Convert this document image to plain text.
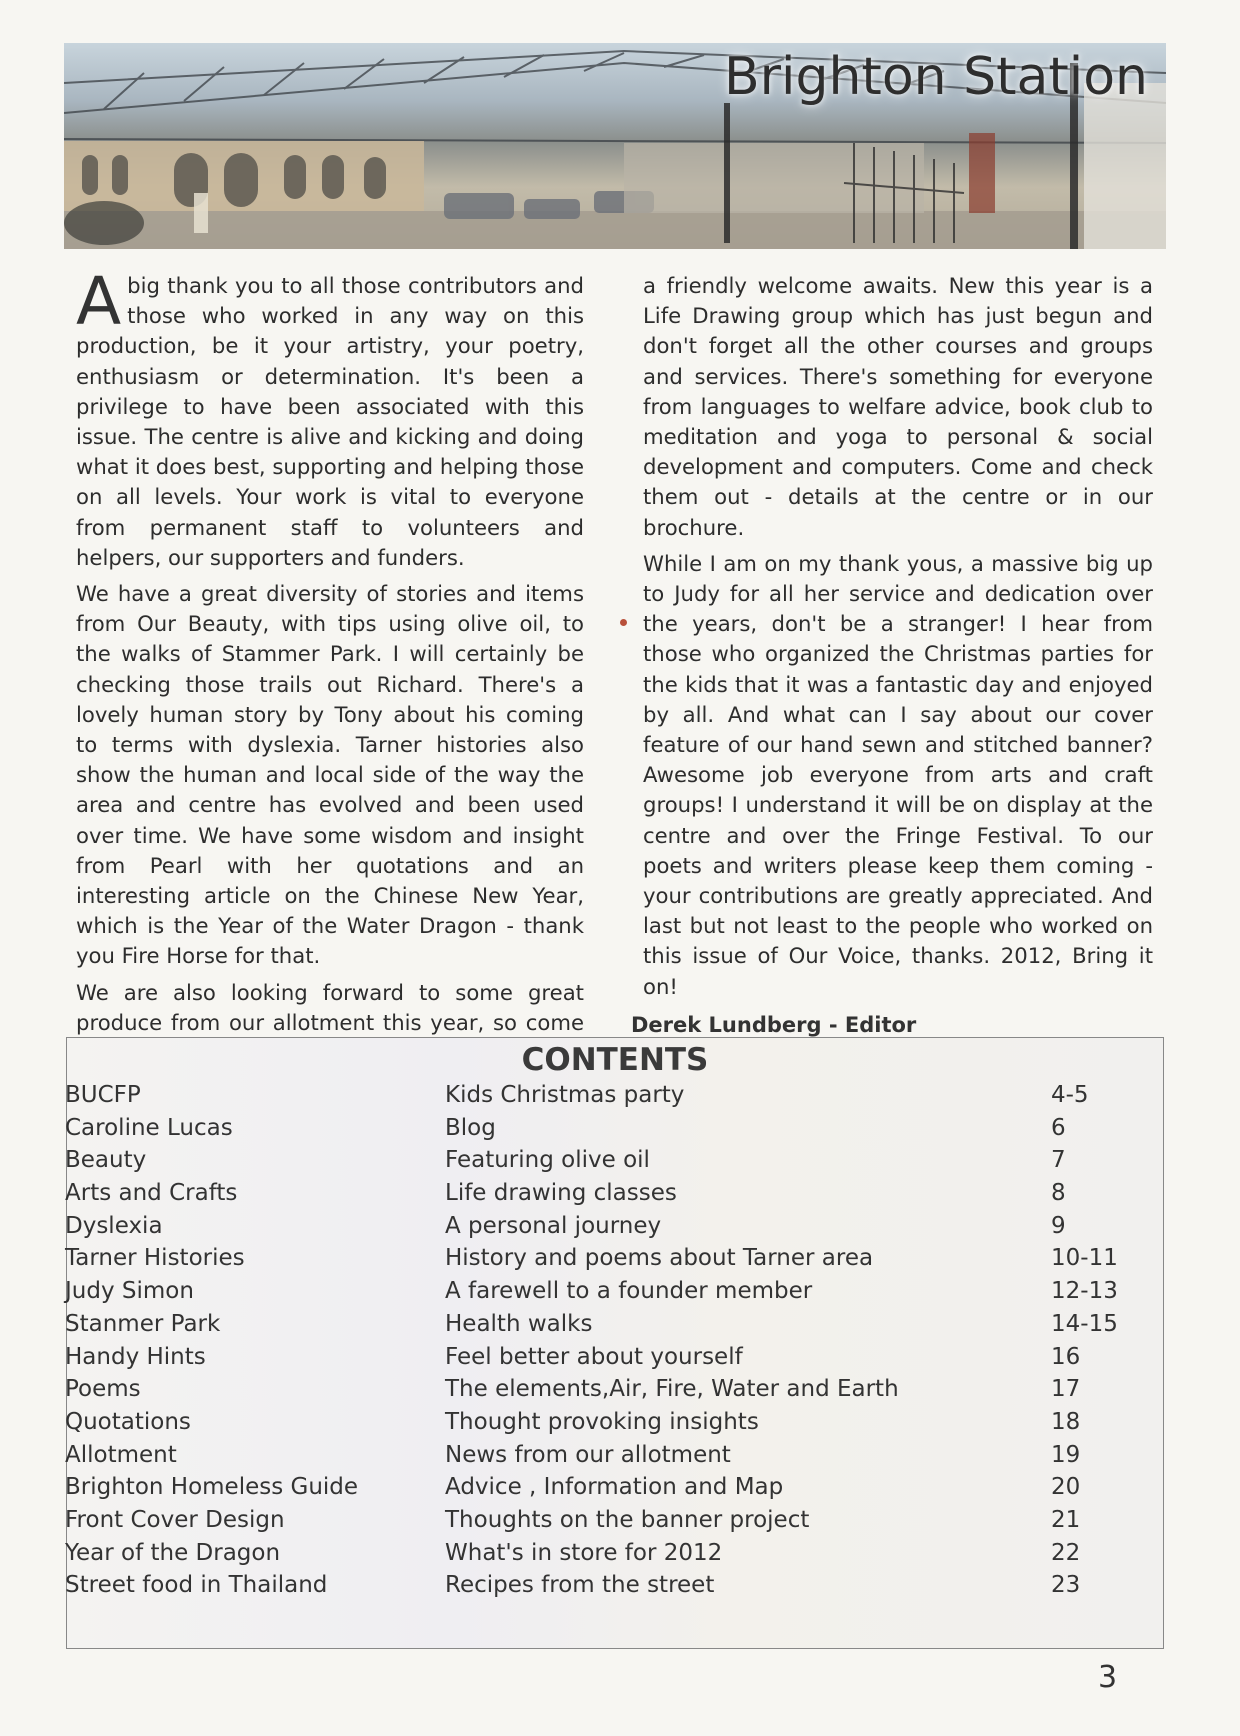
Brighton Station

Abig thank you to all those contributors and those who worked in any way on this production, be it your artistry, your poetry, enthusiasm or determination. It's been a privilege to have been associated with this issue. The centre is alive and kicking and doing what it does best, supporting and helping those on all levels. Your work is vital to everyone from permanent staff to volunteers and helpers, our supporters and funders.

We have a great diversity of stories and items from Our Beauty, with tips using olive oil, to the walks of Stammer Park. I will certainly be checking those trails out Richard. There's a lovely human story by Tony about his coming to terms with dyslexia. Tarner histories also show the human and local side of the way the area and centre has evolved and been used over time. We have some wisdom and insight from Pearl with her quotations and an interesting article on the Chinese New Year, which is the Year of the Water Dragon - thank you Fire Horse for that.

We are also looking forward to some great produce from our allotment this year, so come

a friendly welcome awaits. New this year is a Life Drawing group which has just begun and don't forget all the other courses and groups and services. There's something for everyone from languages to welfare advice, book club to meditation and yoga to personal & social development and computers. Come and check them out - details at the centre or in our brochure.

While I am on my thank yous, a massive big up to Judy for all her service and dedication over the years, don't be a stranger! I hear from those who organized the Christmas parties for the kids that it was a fantastic day and enjoyed by all. And what can I say about our cover feature of our hand sewn and stitched banner? Awesome job everyone from arts and craft groups! I understand it will be on display at the centre and over the Fringe Festival. To our poets and writers please keep them coming - your contributions are greatly appreciated. And last but not least to the people who worked on this issue of Our Voice, thanks. 2012, Bring it on!

Derek Lundberg - Editor
CONTENTS
BUCFP	Kids Christmas party	4-5
Caroline Lucas	Blog	6
Beauty	Featuring olive oil	7
Arts and Crafts	Life drawing classes	8
Dyslexia	A personal journey	9
Tarner Histories	History and poems about Tarner area	10-11
Judy Simon	A farewell to a founder member	12-13
Stanmer Park	Health walks	14-15
Handy Hints	Feel better about yourself	16
Poems	The elements,Air, Fire, Water and Earth	17
Quotations	Thought provoking insights	18
Allotment	News from our allotment	19
Brighton Homeless Guide	Advice , Information and Map	20
Front Cover Design	Thoughts on the banner project	21
Year of the Dragon	What's in store for 2012	22
Street food in Thailand	Recipes from the street	23
3
